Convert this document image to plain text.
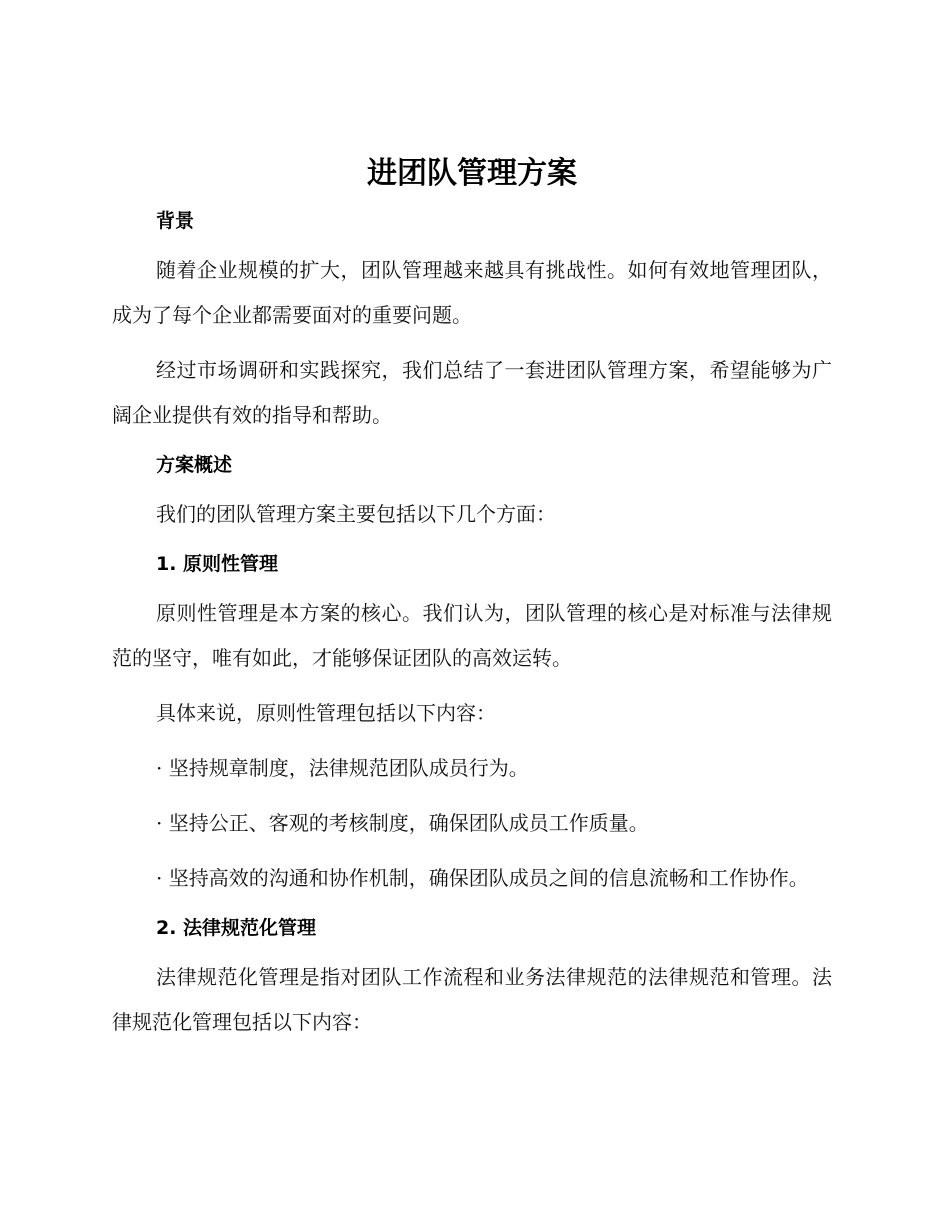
进团队管理方案
背景

随着企业规模的扩大，团队管理越来越具有挑战性。如何有效地管理团队，成为了每个企业都需要面对的重要问题。

经过市场调研和实践探究，我们总结了一套进团队管理方案，希望能够为广阔企业提供有效的指导和帮助。

方案概述

我们的团队管理方案主要包括以下几个方面：

1. 原则性管理

原则性管理是本方案的核心。我们认为，团队管理的核心是对标准与法律规范的坚守，唯有如此，才能够保证团队的高效运转。

具体来说，原则性管理包括以下内容：

· 坚持规章制度，法律规范团队成员行为。

· 坚持公正、客观的考核制度，确保团队成员工作质量。

· 坚持高效的沟通和协作机制，确保团队成员之间的信息流畅和工作协作。

2. 法律规范化管理

法律规范化管理是指对团队工作流程和业务法律规范的法律规范和管理。法律规范化管理包括以下内容：
